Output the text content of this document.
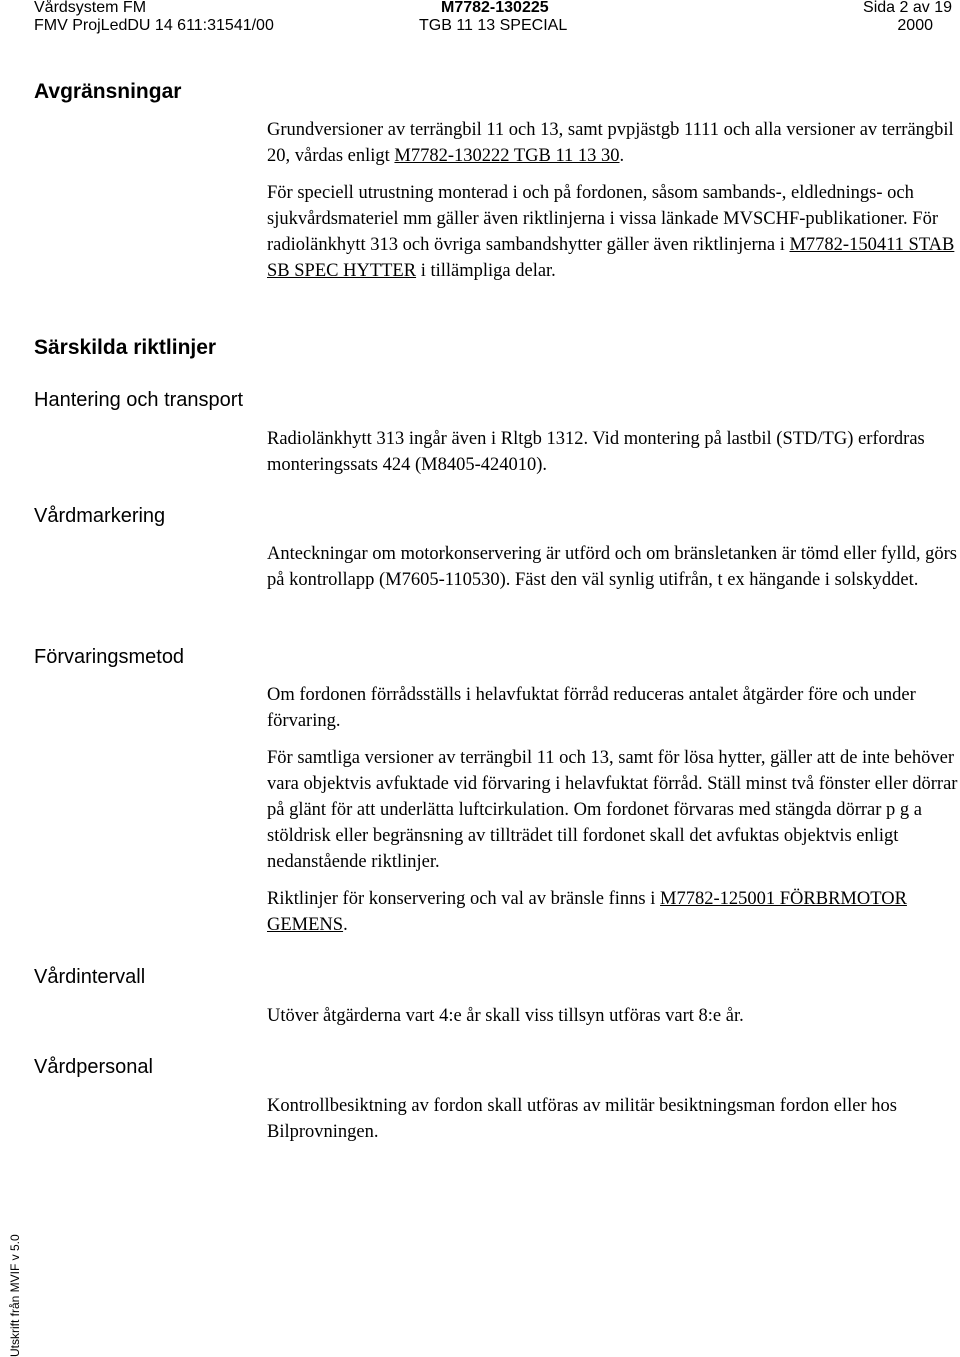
Vårdsystem FM
FMV ProjLedDU 14 611:31541/00
M7782-130225
TGB 11 13 SPECIAL
Sida 2 av 19
2000
Avgränsningar

Grundversioner av terrängbil 11 och 13, samt pvpjästgb 1111 och alla versioner av terrängbil 20, vårdas enligt M7782-130222 TGB 11 13 30.

För speciell utrustning monterad i och på fordonen, såsom sambands-, eldlednings- och sjukvårdsmateriel mm gäller även riktlinjerna i vissa länkade MVSCHF-publikationer. För radiolänkhytt 313 och övriga sambandshytter gäller även riktlinjerna i M7782-150411 STAB SB SPEC HYTTER i tillämpliga delar.

Särskilda riktlinjer
Hantering och transport

Radiolänkhytt 313 ingår även i Rltgb 1312. Vid montering på lastbil (STD/TG) erfordras monteringssats 424 (M8405-424010).

Vårdmarkering

Anteckningar om motorkonservering är utförd och om bränsletanken är tömd eller fylld, görs på kontrollapp (M7605-110530). Fäst den väl synlig utifrån, t ex hängande i solskyddet.

Förvaringsmetod

Om fordonen förrådsställs i helavfuktat förråd reduceras antalet åtgärder före och under förvaring.

För samtliga versioner av terrängbil 11 och 13, samt för lösa hytter, gäller att de inte behöver vara objektvis avfuktade vid förvaring i helavfuktat förråd. Ställ minst två fönster eller dörrar på glänt för att underlätta luftcirkulation. Om fordonet förvaras med stängda dörrar p g a stöldrisk eller begränsning av tillträdet till fordonet skall det avfuktas objektvis enligt nedanstående riktlinjer.

Riktlinjer för konservering och val av bränsle finns i M7782-125001 FÖRBRMOTOR GEMENS.

Vårdintervall

Utöver åtgärderna vart 4:e år skall viss tillsyn utföras vart 8:e år.

Vårdpersonal

Kontrollbesiktning av fordon skall utföras av militär besiktningsman fordon eller hos Bilprovningen.

Utskrift från MVIF v 5.0
